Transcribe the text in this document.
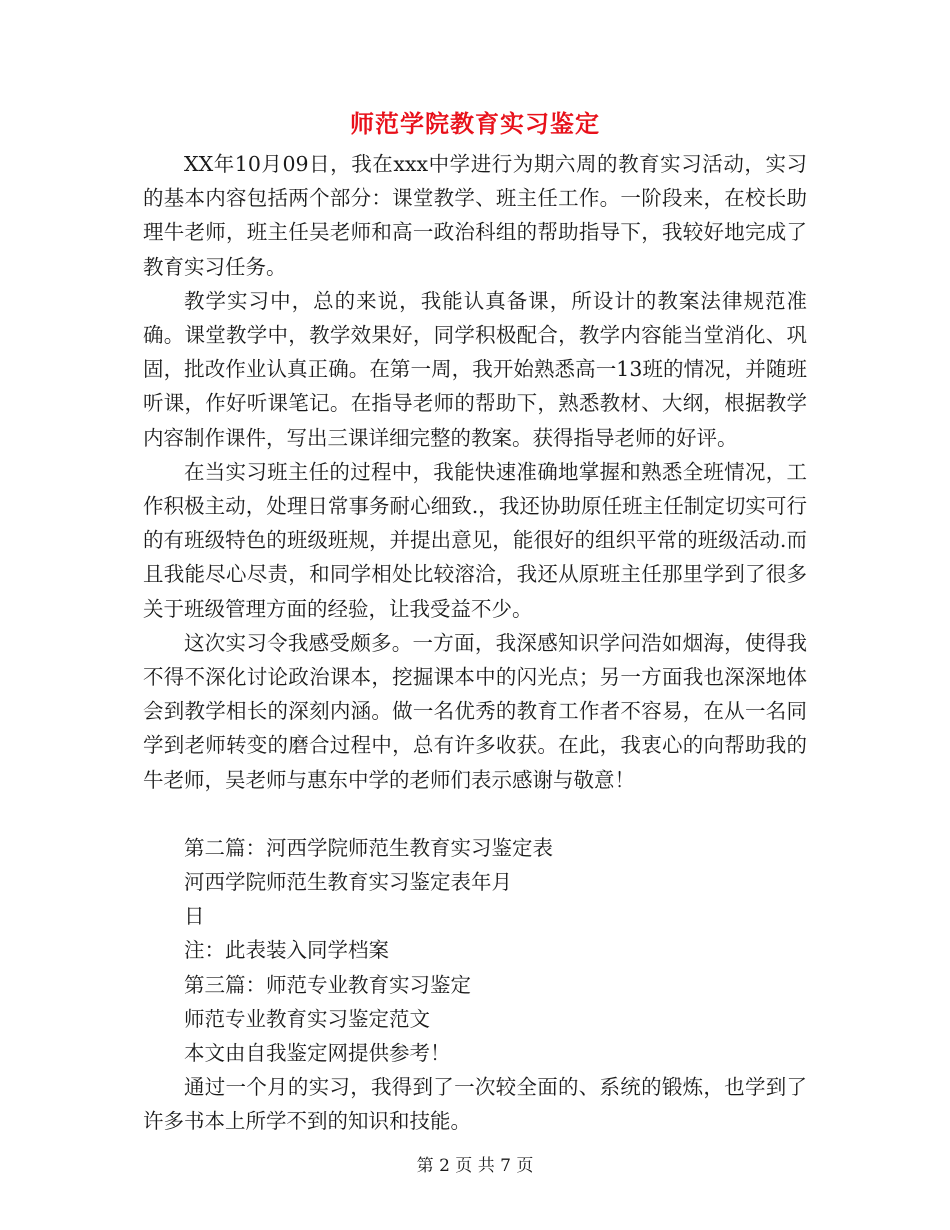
师范学院教育实习鉴定

XX年10月09日，我在xxx中学进行为期六周的教育实习活动，实习的基本内容包括两个部分：课堂教学、班主任工作。一阶段来，在校长助理牛老师，班主任吴老师和高一政治科组的帮助指导下，我较好地完成了教育实习任务。

教学实习中，总的来说，我能认真备课，所设计的教案法律规范准确。课堂教学中，教学效果好，同学积极配合，教学内容能当堂消化、巩固，批改作业认真正确。在第一周，我开始熟悉高一13班的情况，并随班听课，作好听课笔记。在指导老师的帮助下，熟悉教材、大纲，根据教学内容制作课件，写出三课详细完整的教案。获得指导老师的好评。

在当实习班主任的过程中，我能快速准确地掌握和熟悉全班情况，工作积极主动，处理日常事务耐心细致.，我还协助原任班主任制定切实可行的有班级特色的班级班规，并提出意见，能很好的组织平常的班级活动.而且我能尽心尽责，和同学相处比较溶洽，我还从原班主任那里学到了很多关于班级管理方面的经验，让我受益不少。

这次实习令我感受颇多。一方面，我深感知识学问浩如烟海，使得我不得不深化讨论政治课本，挖掘课本中的闪光点；另一方面我也深深地体会到教学相长的深刻内涵。做一名优秀的教育工作者不容易，在从一名同学到老师转变的磨合过程中，总有许多收获。在此，我衷心的向帮助我的牛老师，吴老师与惠东中学的老师们表示感谢与敬意！

第二篇：河西学院师范生教育实习鉴定表

河西学院师范生教育实习鉴定表年月

日

注：此表装入同学档案

第三篇：师范专业教育实习鉴定

师范专业教育实习鉴定范文

本文由自我鉴定网提供参考！

通过一个月的实习，我得到了一次较全面的、系统的锻炼，也学到了许多书本上所学不到的知识和技能。

第 2 页 共 7 页
